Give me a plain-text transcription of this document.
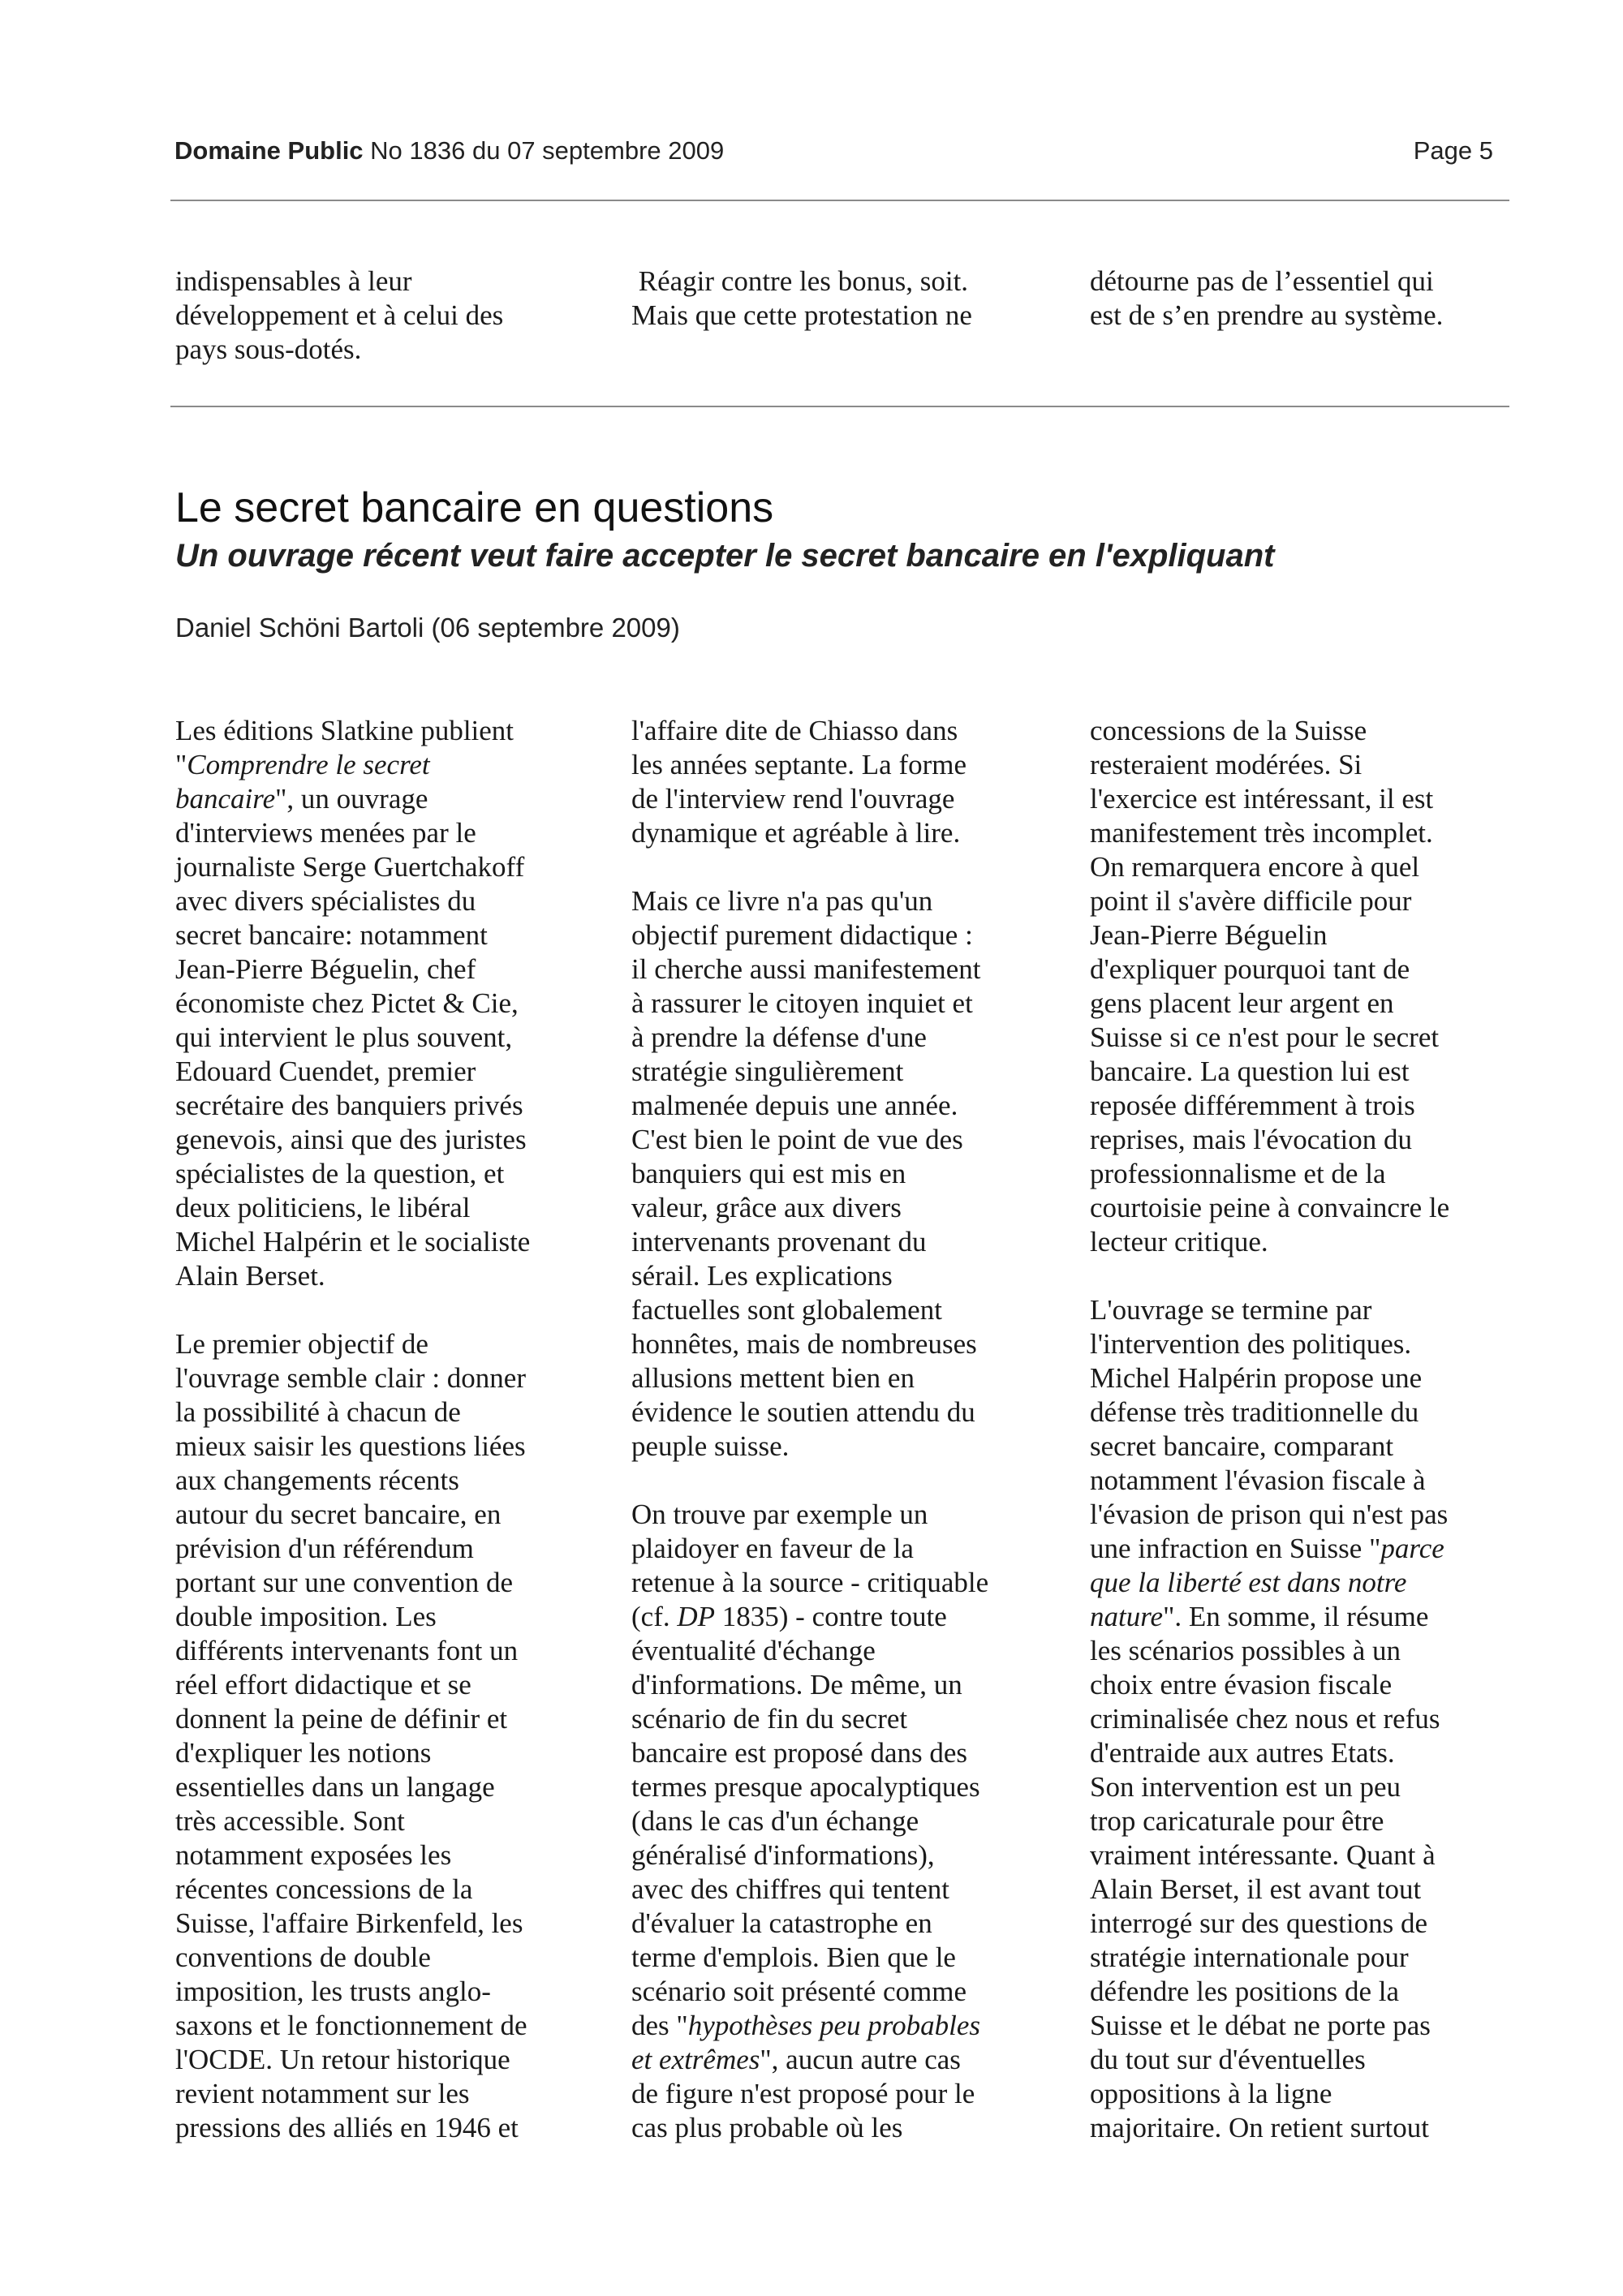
Domaine Public No 1836 du 07 septembre 2009	Page 5
indispensables à leur
développement et à celui des
pays sous-dotés.
Réagir contre les bonus, soit.
Mais que cette protestation ne
détourne pas de l’essentiel qui
est de s’en prendre au système.
Le secret bancaire en questions
Un ouvrage récent veut faire accepter le secret bancaire en l'expliquant
Daniel Schöni Bartoli (06 septembre 2009)

Les éditions Slatkine publient
"Comprendre le secret
bancaire", un ouvrage
d'interviews menées par le
journaliste Serge Guertchakoff
avec divers spécialistes du
secret bancaire: notamment
Jean-Pierre Béguelin, chef
économiste chez Pictet & Cie,
qui intervient le plus souvent,
Edouard Cuendet, premier
secrétaire des banquiers privés
genevois, ainsi que des juristes
spécialistes de la question, et
deux politiciens, le libéral
Michel Halpérin et le socialiste
Alain Berset.

Le premier objectif de
l'ouvrage semble clair : donner
la possibilité à chacun de
mieux saisir les questions liées
aux changements récents
autour du secret bancaire, en
prévision d'un référendum
portant sur une convention de
double imposition. Les
différents intervenants font un
réel effort didactique et se
donnent la peine de définir et
d'expliquer les notions
essentielles dans un langage
très accessible. Sont
notamment exposées les
récentes concessions de la
Suisse, l'affaire Birkenfeld, les
conventions de double
imposition, les trusts anglo-
saxons et le fonctionnement de
l'OCDE. Un retour historique
revient notamment sur les
pressions des alliés en 1946 et

l'affaire dite de Chiasso dans
les années septante. La forme
de l'interview rend l'ouvrage
dynamique et agréable à lire.

Mais ce livre n'a pas qu'un
objectif purement didactique :
il cherche aussi manifestement
à rassurer le citoyen inquiet et
à prendre la défense d'une
stratégie singulièrement
malmenée depuis une année.
C'est bien le point de vue des
banquiers qui est mis en
valeur, grâce aux divers
intervenants provenant du
sérail. Les explications
factuelles sont globalement
honnêtes, mais de nombreuses
allusions mettent bien en
évidence le soutien attendu du
peuple suisse.

On trouve par exemple un
plaidoyer en faveur de la
retenue à la source - critiquable
(cf. DP 1835) - contre toute
éventualité d'échange
d'informations. De même, un
scénario de fin du secret
bancaire est proposé dans des
termes presque apocalyptiques
(dans le cas d'un échange
généralisé d'informations),
avec des chiffres qui tentent
d'évaluer la catastrophe en
terme d'emplois. Bien que le
scénario soit présenté comme
des "hypothèses peu probables
et extrêmes", aucun autre cas
de figure n'est proposé pour le
cas plus probable où les

concessions de la Suisse
resteraient modérées. Si
l'exercice est intéressant, il est
manifestement très incomplet.
On remarquera encore à quel
point il s'avère difficile pour
Jean-Pierre Béguelin
d'expliquer pourquoi tant de
gens placent leur argent en
Suisse si ce n'est pour le secret
bancaire. La question lui est
reposée différemment à trois
reprises, mais l'évocation du
professionnalisme et de la
courtoisie peine à convaincre le
lecteur critique.

L'ouvrage se termine par
l'intervention des politiques.
Michel Halpérin propose une
défense très traditionnelle du
secret bancaire, comparant
notamment l'évasion fiscale à
l'évasion de prison qui n'est pas
une infraction en Suisse "parce
que la liberté est dans notre
nature". En somme, il résume
les scénarios possibles à un
choix entre évasion fiscale
criminalisée chez nous et refus
d'entraide aux autres Etats.
Son intervention est un peu
trop caricaturale pour être
vraiment intéressante. Quant à
Alain Berset, il est avant tout
interrogé sur des questions de
stratégie internationale pour
défendre les positions de la
Suisse et le débat ne porte pas
du tout sur d'éventuelles
oppositions à la ligne
majoritaire. On retient surtout
